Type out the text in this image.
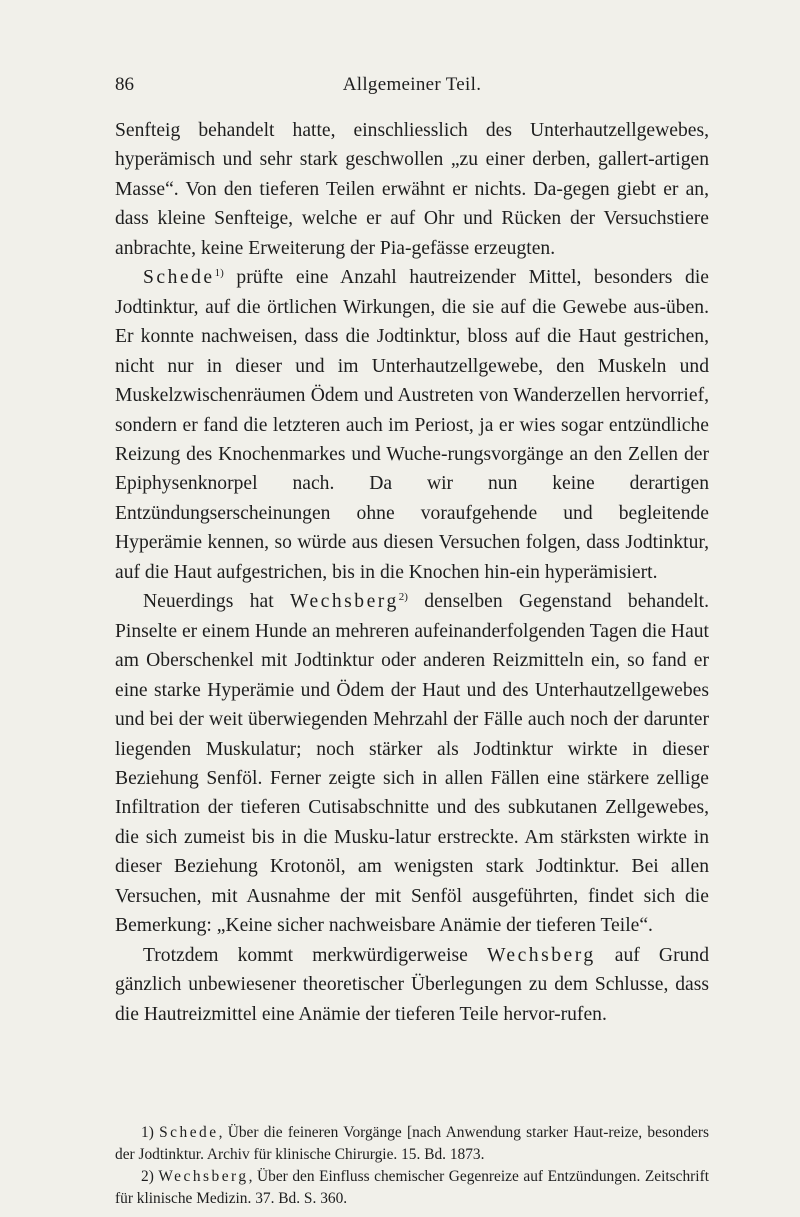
86	Allgemeiner Teil.

Senfteig behandelt hatte, einschliesslich des Unterhautzellgewebes, hyperämisch und sehr stark geschwollen „zu einer derben, gallert-artigen Masse“. Von den tieferen Teilen erwähnt er nichts. Da-gegen giebt er an, dass kleine Senfteige, welche er auf Ohr und Rücken der Versuchstiere anbrachte, keine Erweiterung der Pia-gefässe erzeugten.

Schede$^{1)}$ prüfte eine Anzahl hautreizender Mittel, besonders die Jodtinktur, auf die örtlichen Wirkungen, die sie auf die Gewebe aus-üben. Er konnte nachweisen, dass die Jodtinktur, bloss auf die Haut gestrichen, nicht nur in dieser und im Unterhautzellgewebe, den Muskeln und Muskelzwischenräumen Ödem und Austreten von Wanderzellen hervorrief, sondern er fand die letzteren auch im Periost, ja er wies sogar entzündliche Reizung des Knochenmarkes und Wuche-rungsvorgänge an den Zellen der Epiphysenknorpel nach. Da wir nun keine derartigen Entzündungserscheinungen ohne voraufgehende und begleitende Hyperämie kennen, so würde aus diesen Versuchen folgen, dass Jodtinktur, auf die Haut aufgestrichen, bis in die Knochen hin-ein hyperämisiert.

Neuerdings hat Wechsberg$^{2)}$ denselben Gegenstand behandelt. Pinselte er einem Hunde an mehreren aufeinanderfolgenden Tagen die Haut am Oberschenkel mit Jodtinktur oder anderen Reizmitteln ein, so fand er eine starke Hyperämie und Ödem der Haut und des Unterhautzellgewebes und bei der weit überwiegenden Mehrzahl der Fälle auch noch der darunter liegenden Muskulatur; noch stärker als Jodtinktur wirkte in dieser Beziehung Senföl. Ferner zeigte sich in allen Fällen eine stärkere zellige Infiltration der tieferen Cutisabschnitte und des subkutanen Zellgewebes, die sich zumeist bis in die Musku-latur erstreckte. Am stärksten wirkte in dieser Beziehung Krotonöl, am wenigsten stark Jodtinktur. Bei allen Versuchen, mit Ausnahme der mit Senföl ausgeführten, findet sich die Bemerkung: „Keine sicher nachweisbare Anämie der tieferen Teile“.

Trotzdem kommt merkwürdigerweise Wechsberg auf Grund gänzlich unbewiesener theoretischer Überlegungen zu dem Schlusse, dass die Hautreizmittel eine Anämie der tieferen Teile hervor-rufen.

1) Schede, Über die feineren Vorgänge [nach Anwendung starker Haut-reize, besonders der Jodtinktur. Archiv für klinische Chirurgie. 15. Bd. 1873.

2) Wechsberg, Über den Einfluss chemischer Gegenreize auf Entzündungen. Zeitschrift für klinische Medizin. 37. Bd. S. 360.
